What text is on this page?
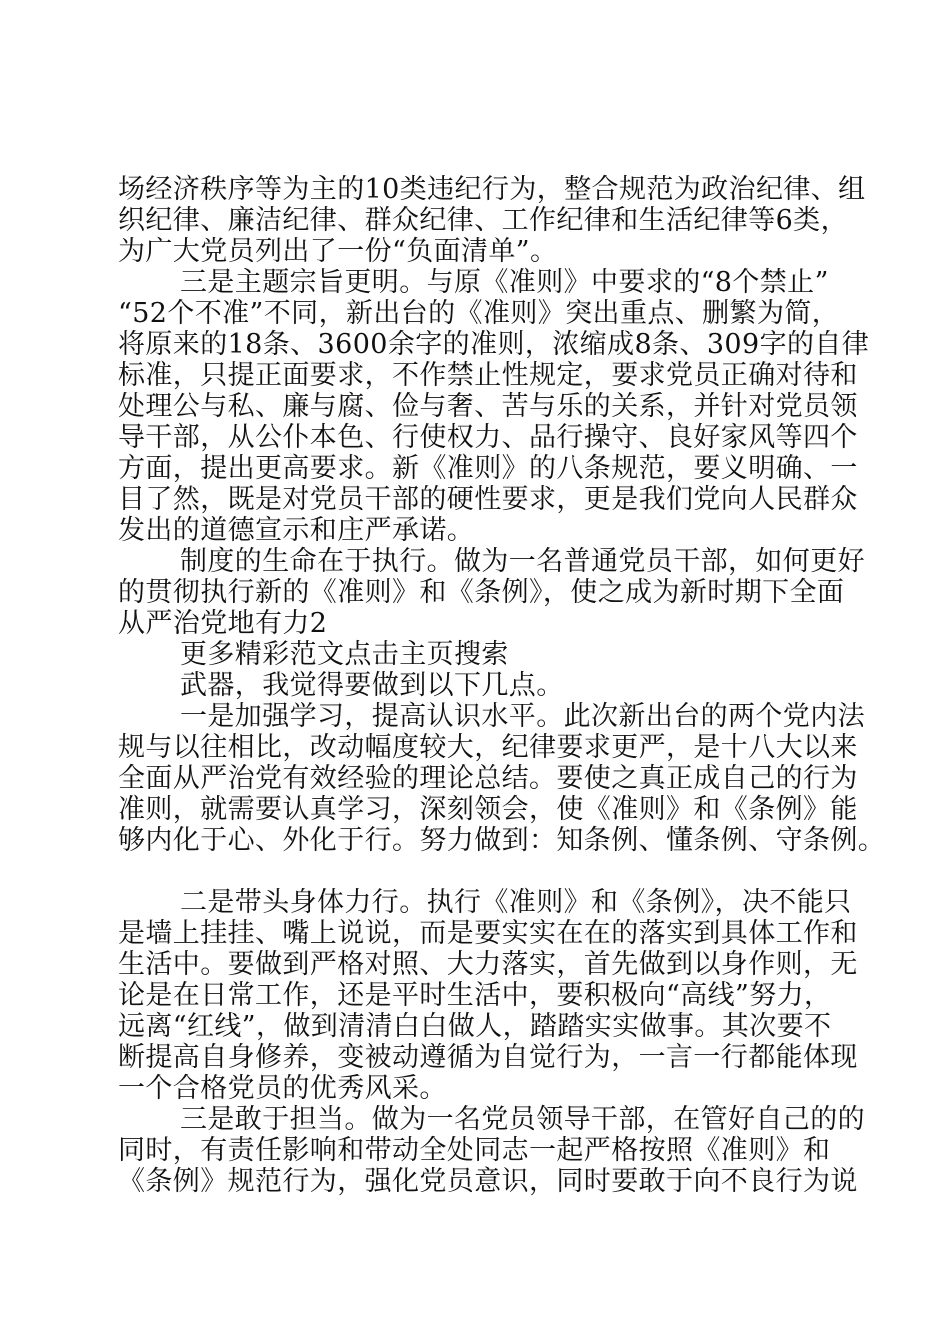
场经济秩序等为主的10类违纪行为，整合规范为政治纪律、组
织纪律、廉洁纪律、群众纪律、工作纪律和生活纪律等6类，
为广大党员列出了一份“负面清单”。
三是主题宗旨更明。与原《准则》中要求的“8个禁止”
“52个不准”不同，新出台的《准则》突出重点、删繁为简，
将原来的18条、3600余字的准则，浓缩成8条、309字的自律
标准，只提正面要求，不作禁止性规定，要求党员正确对待和
处理公与私、廉与腐、俭与奢、苦与乐的关系，并针对党员领
导干部，从公仆本色、行使权力、品行操守、良好家风等四个
方面，提出更高要求。新《准则》的八条规范，要义明确、一
目了然，既是对党员干部的硬性要求，更是我们党向人民群众
发出的道德宣示和庄严承诺。
制度的生命在于执行。做为一名普通党员干部，如何更好
的贯彻执行新的《准则》和《条例》，使之成为新时期下全面
从严治党地有力2
更多精彩范文点击主页搜索
武器，我觉得要做到以下几点。
一是加强学习，提高认识水平。此次新出台的两个党内法
规与以往相比，改动幅度较大，纪律要求更严，是十八大以来
全面从严治党有效经验的理论总结。要使之真正成自己的行为
准则，就需要认真学习，深刻领会，使《准则》和《条例》能
够内化于心、外化于行。努力做到：知条例、懂条例、守条例。
二是带头身体力行。执行《准则》和《条例》，决不能只
是墙上挂挂、嘴上说说，而是要实实在在的落实到具体工作和
生活中。要做到严格对照、大力落实，首先做到以身作则，无
论是在日常工作，还是平时生活中，要积极向“高线”努力，
远离“红线”，做到清清白白做人，踏踏实实做事。其次要不
断提高自身修养，变被动遵循为自觉行为，一言一行都能体现
一个合格党员的优秀风采。
三是敢于担当。做为一名党员领导干部，在管好自己的的
同时，有责任影响和带动全处同志一起严格按照《准则》和
《条例》规范行为，强化党员意识，同时要敢于向不良行为说
